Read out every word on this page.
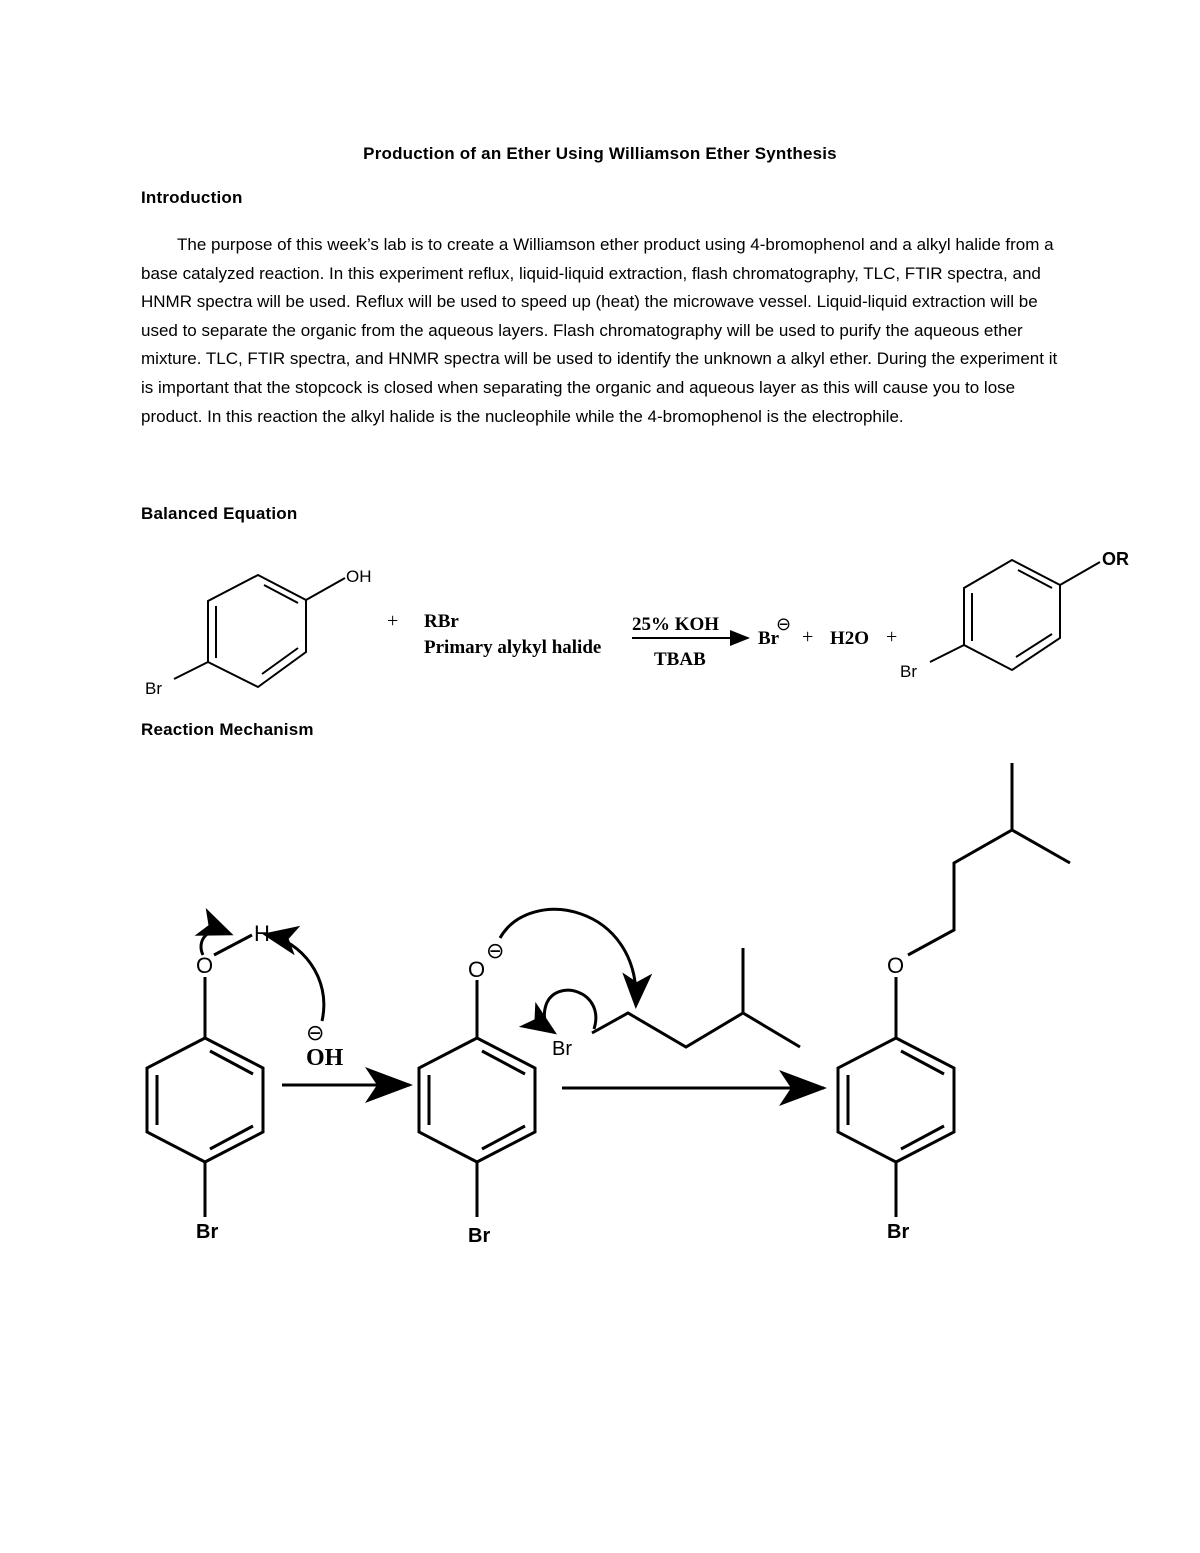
Production of an Ether Using Williamson Ether Synthesis
Introduction

The purpose of this week’s lab is to create a Williamson ether product using 4-bromophenol and a alkyl halide from a base catalyzed reaction. In this experiment reflux, liquid-liquid extraction, flash chromatography, TLC, FTIR spectra, and HNMR spectra will be used. Reflux will be used to speed up (heat) the microwave vessel. Liquid-liquid extraction will be used to separate the organic from the aqueous layers. Flash chromatography will be used to purify the aqueous ether mixture. TLC, FTIR spectra, and HNMR spectra will be used to identify the unknown a alkyl ether. During the experiment it is important that the stopcock is closed when separating the organic and aqueous layer as this will cause you to lose product. In this reaction the alkyl halide is the nucleophile while the 4-bromophenol is the electrophile.

Balanced Equation
OH
Br
+ RBr
Primary alykyl halide
25% KOH
TBAB
Br
⊖
+ H2O +
OR
Br
Reaction Mechanism
O
H
Br
⊖
OH
O
⊖
Br
Br
O
Br
